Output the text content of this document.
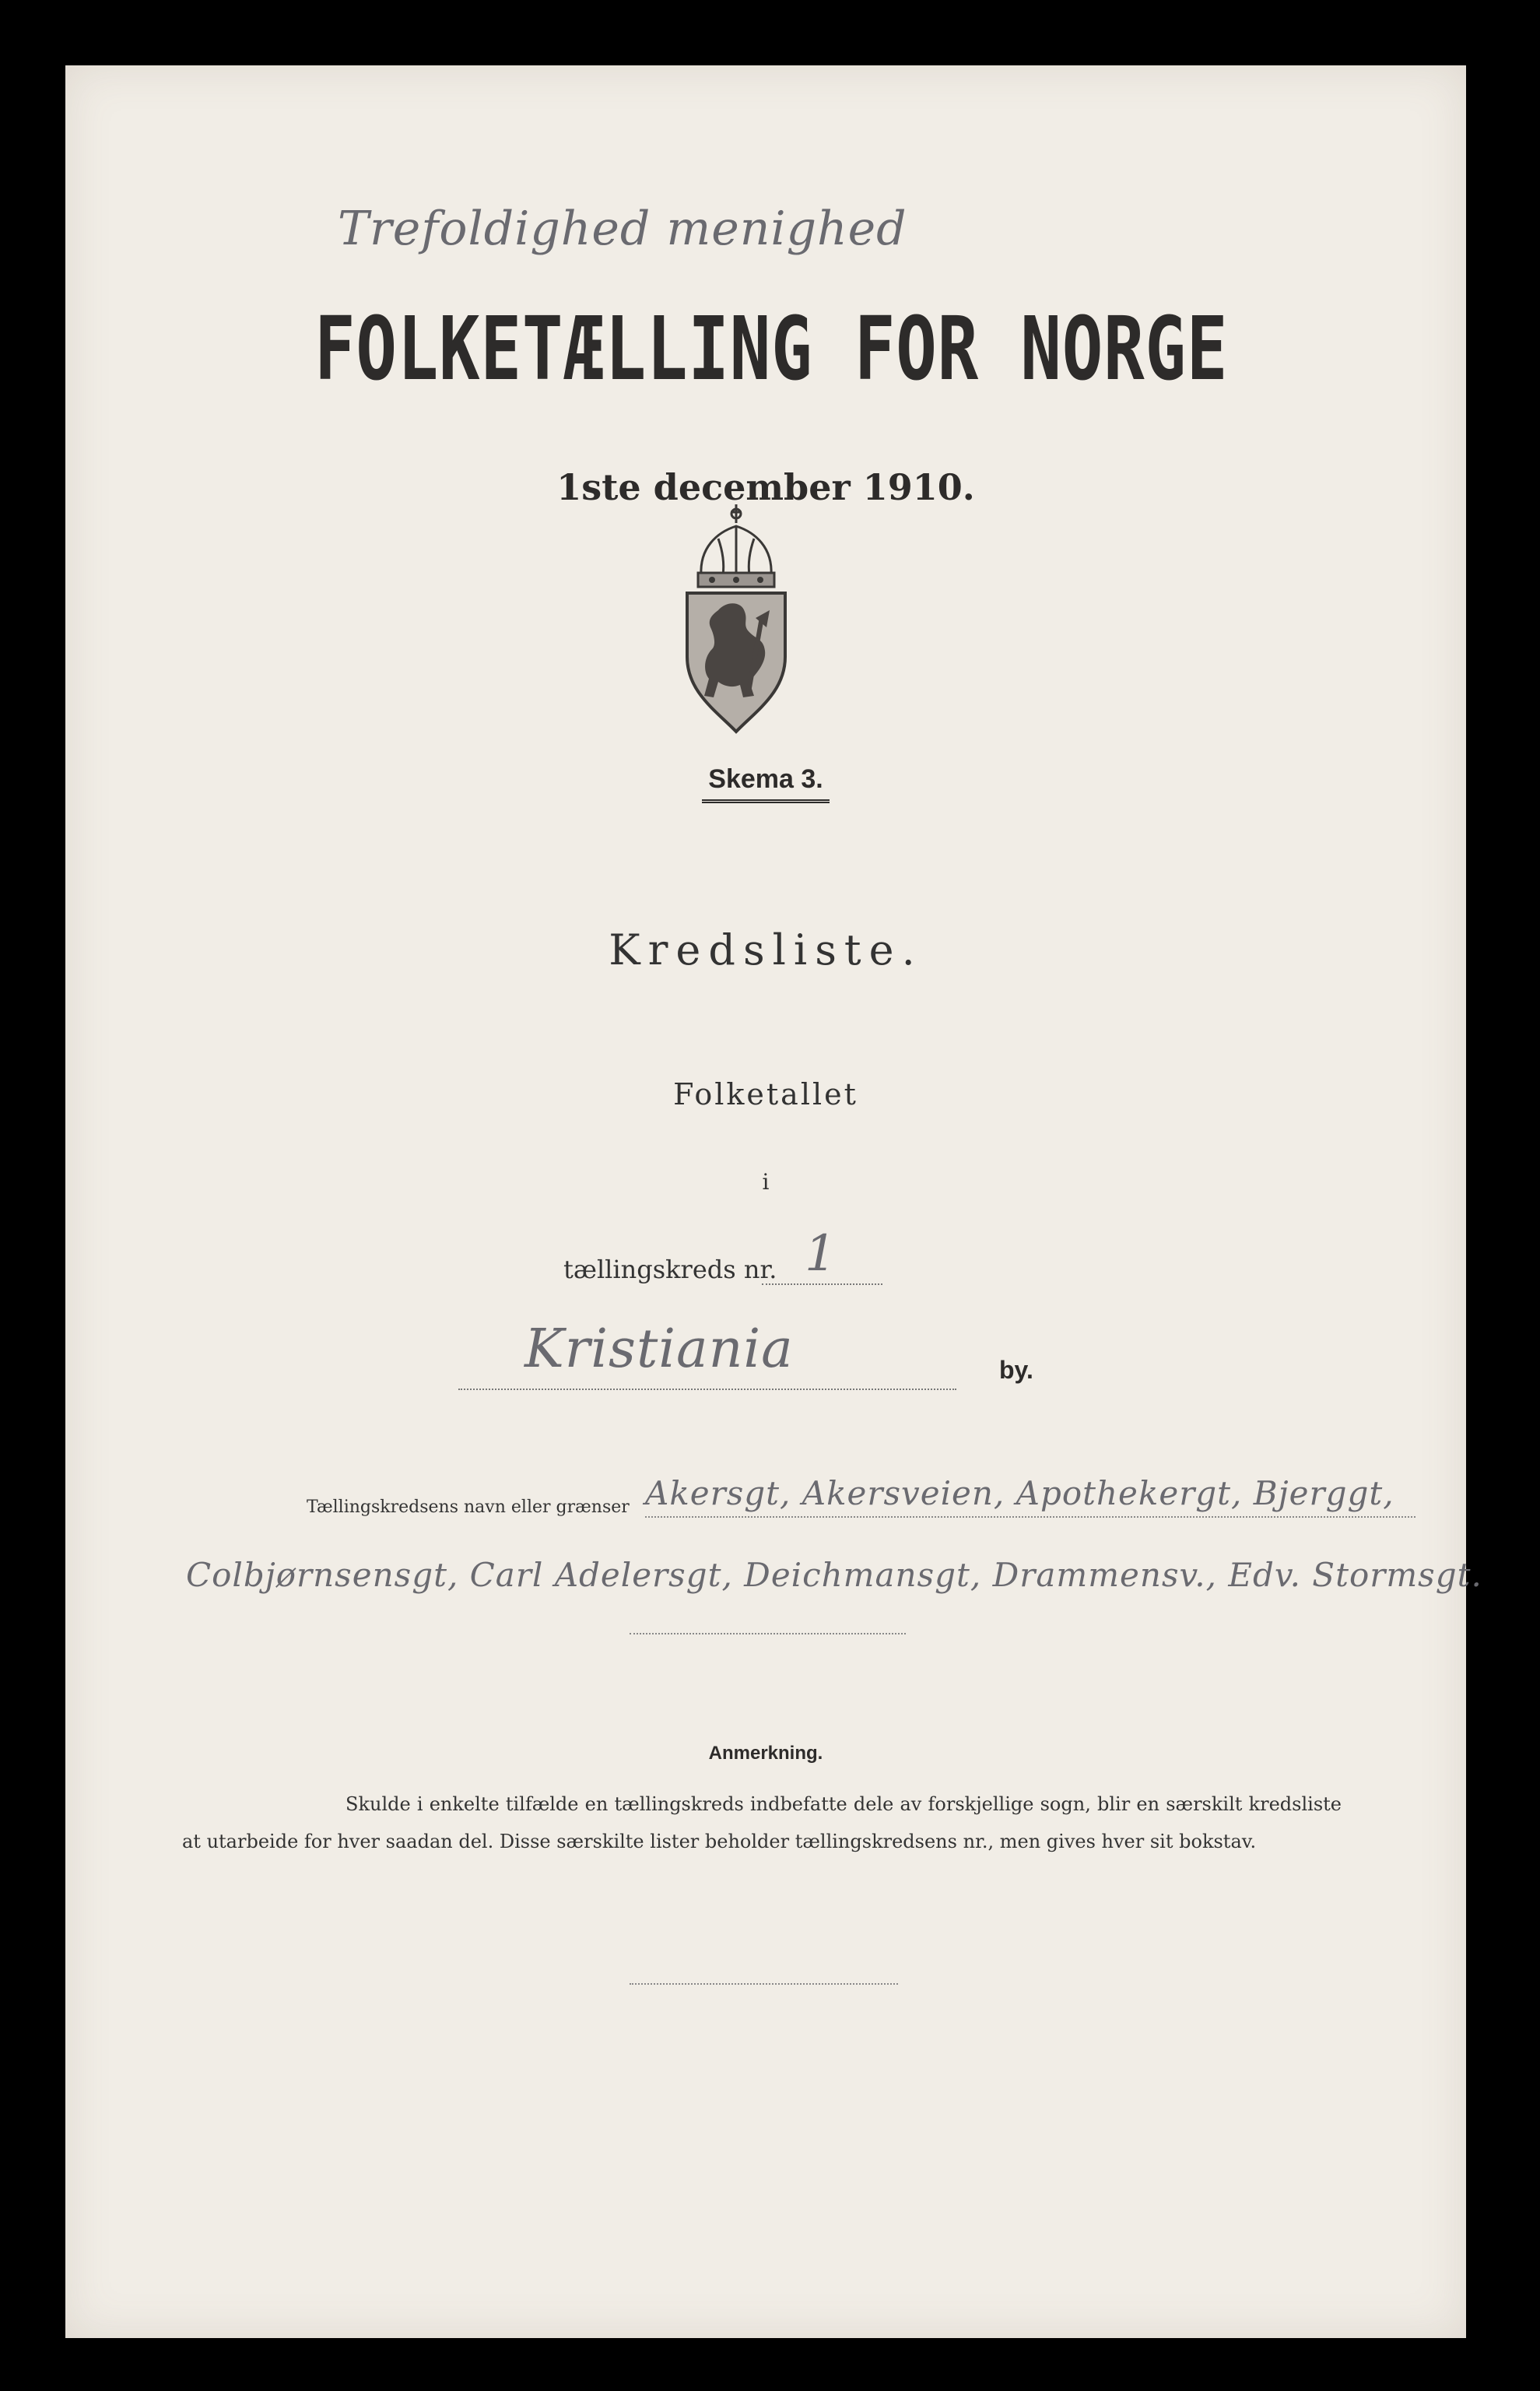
Trefoldighed menighed
FOLKETÆLLING FOR NORGE
1ste december 1910.
Skema 3.
Kredsliste.
Folketallet
i
tællingskreds nr. 1
Kristiania	by.
Tællingskredsens navn eller grænser Akersgt, Akersveien, Apothekergt, Bjerggt,
Colbjørnsensgt, Carl Adelersgt, Deichmansgt, Drammensv., Edv. Stormsgt.
Anmerkning.
Skulde i enkelte tilfælde en tællingskreds indbefatte dele av forskjellige sogn, blir en særskilt kredsliste at utarbeide for hver saadan del. Disse særskilte lister beholder tællingskredsens nr., men gives hver sit bokstav.
